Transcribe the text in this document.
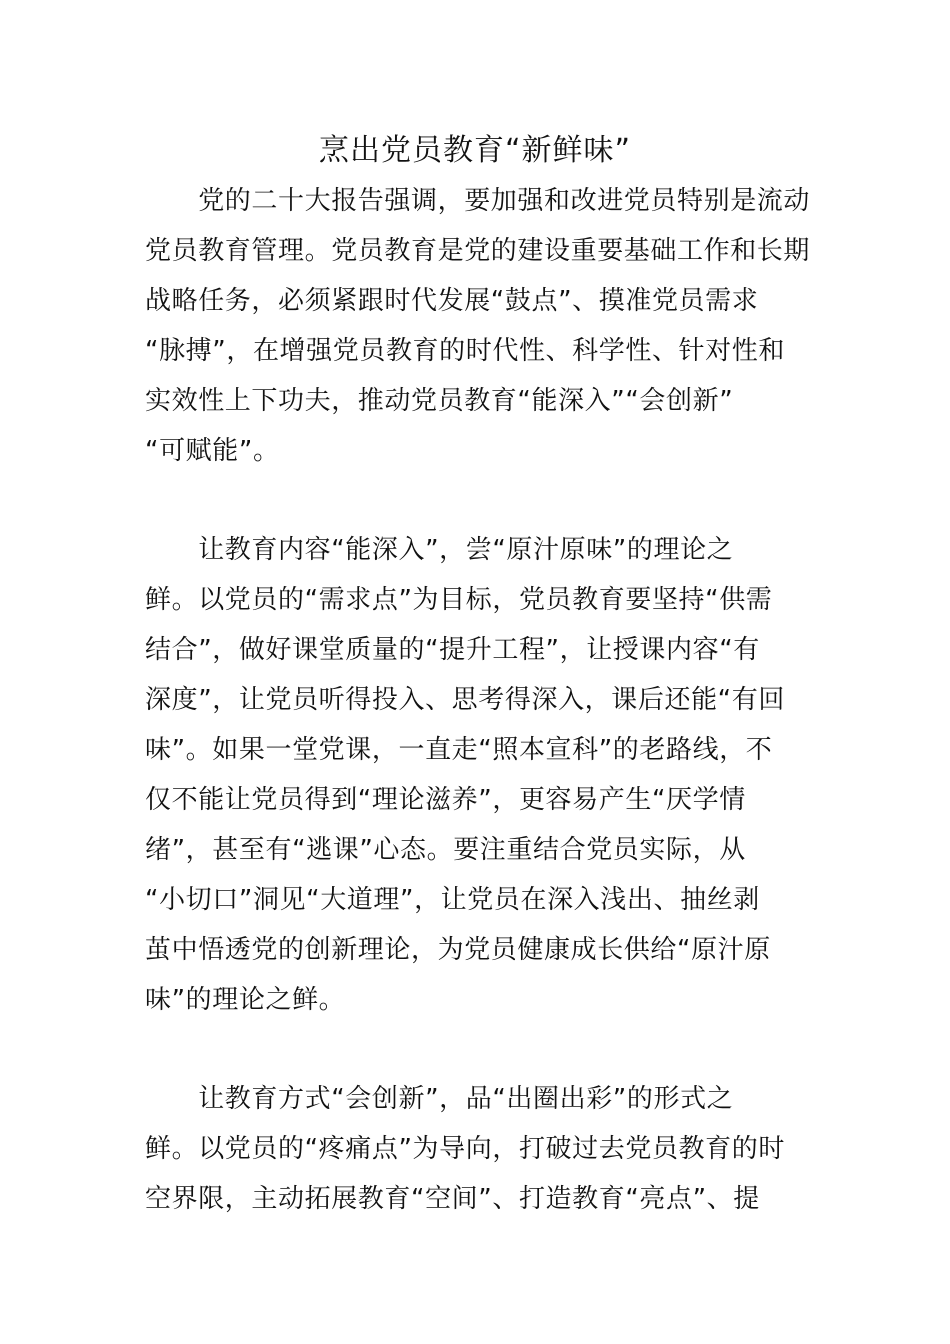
烹出党员教育“新鲜味”

　　党的二十大报告强调，要加强和改进党员特别是流动

党员教育管理。党员教育是党的建设重要基础工作和长期

战略任务，必须紧跟时代发展“鼓点”、摸准党员需求

“脉搏”，在增强党员教育的时代性、科学性、针对性和

实效性上下功夫，推动党员教育“能深入”“会创新”

“可赋能”。

　　让教育内容“能深入”，尝“原汁原味”的理论之

鲜。以党员的“需求点”为目标，党员教育要坚持“供需

结合”，做好课堂质量的“提升工程”，让授课内容“有

深度”，让党员听得投入、思考得深入，课后还能“有回

味”。如果一堂党课，一直走“照本宣科”的老路线，不

仅不能让党员得到“理论滋养”，更容易产生“厌学情

绪”，甚至有“逃课”心态。要注重结合党员实际，从

“小切口”洞见“大道理”，让党员在深入浅出、抽丝剥

茧中悟透党的创新理论，为党员健康成长供给“原汁原

味”的理论之鲜。

　　让教育方式“会创新”，品“出圈出彩”的形式之

鲜。以党员的“疼痛点”为导向，打破过去党员教育的时

空界限，主动拓展教育“空间”、打造教育“亮点”、提
